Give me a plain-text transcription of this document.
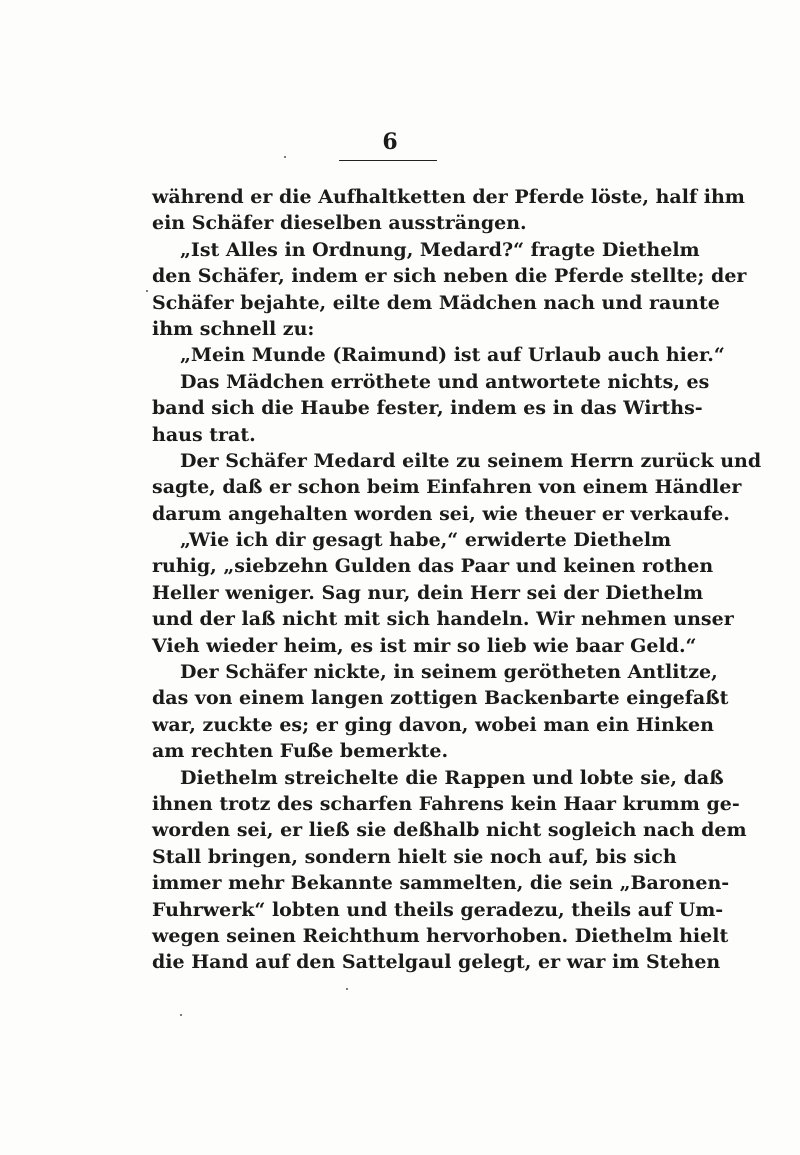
6
während er die Aufhaltketten der Pferde löste, half ihm
ein Schäfer dieselben aussträngen.
„Ist Alles in Ordnung, Medard?“ fragte Diethelm
den Schäfer, indem er sich neben die Pferde stellte; der
Schäfer bejahte, eilte dem Mädchen nach und raunte
ihm schnell zu:
„Mein Munde (Raimund) ist auf Urlaub auch hier.“
Das Mädchen erröthete und antwortete nichts, es
band sich die Haube fester, indem es in das Wirths-
haus trat.
Der Schäfer Medard eilte zu seinem Herrn zurück und
sagte, daß er schon beim Einfahren von einem Händler
darum angehalten worden sei, wie theuer er verkaufe.
„Wie ich dir gesagt habe,“ erwiderte Diethelm
ruhig, „siebzehn Gulden das Paar und keinen rothen
Heller weniger. Sag nur, dein Herr sei der Diethelm
und der laß nicht mit sich handeln. Wir nehmen unser
Vieh wieder heim, es ist mir so lieb wie baar Geld.“
Der Schäfer nickte, in seinem gerötheten Antlitze,
das von einem langen zottigen Backenbarte eingefaßt
war, zuckte es; er ging davon, wobei man ein Hinken
am rechten Fuße bemerkte.
Diethelm streichelte die Rappen und lobte sie, daß
ihnen trotz des scharfen Fahrens kein Haar krumm ge-
worden sei, er ließ sie deßhalb nicht sogleich nach dem
Stall bringen, sondern hielt sie noch auf, bis sich
immer mehr Bekannte sammelten, die sein „Baronen-
Fuhrwerk“ lobten und theils geradezu, theils auf Um-
wegen seinen Reichthum hervorhoben. Diethelm hielt
die Hand auf den Sattelgaul gelegt, er war im Stehen
